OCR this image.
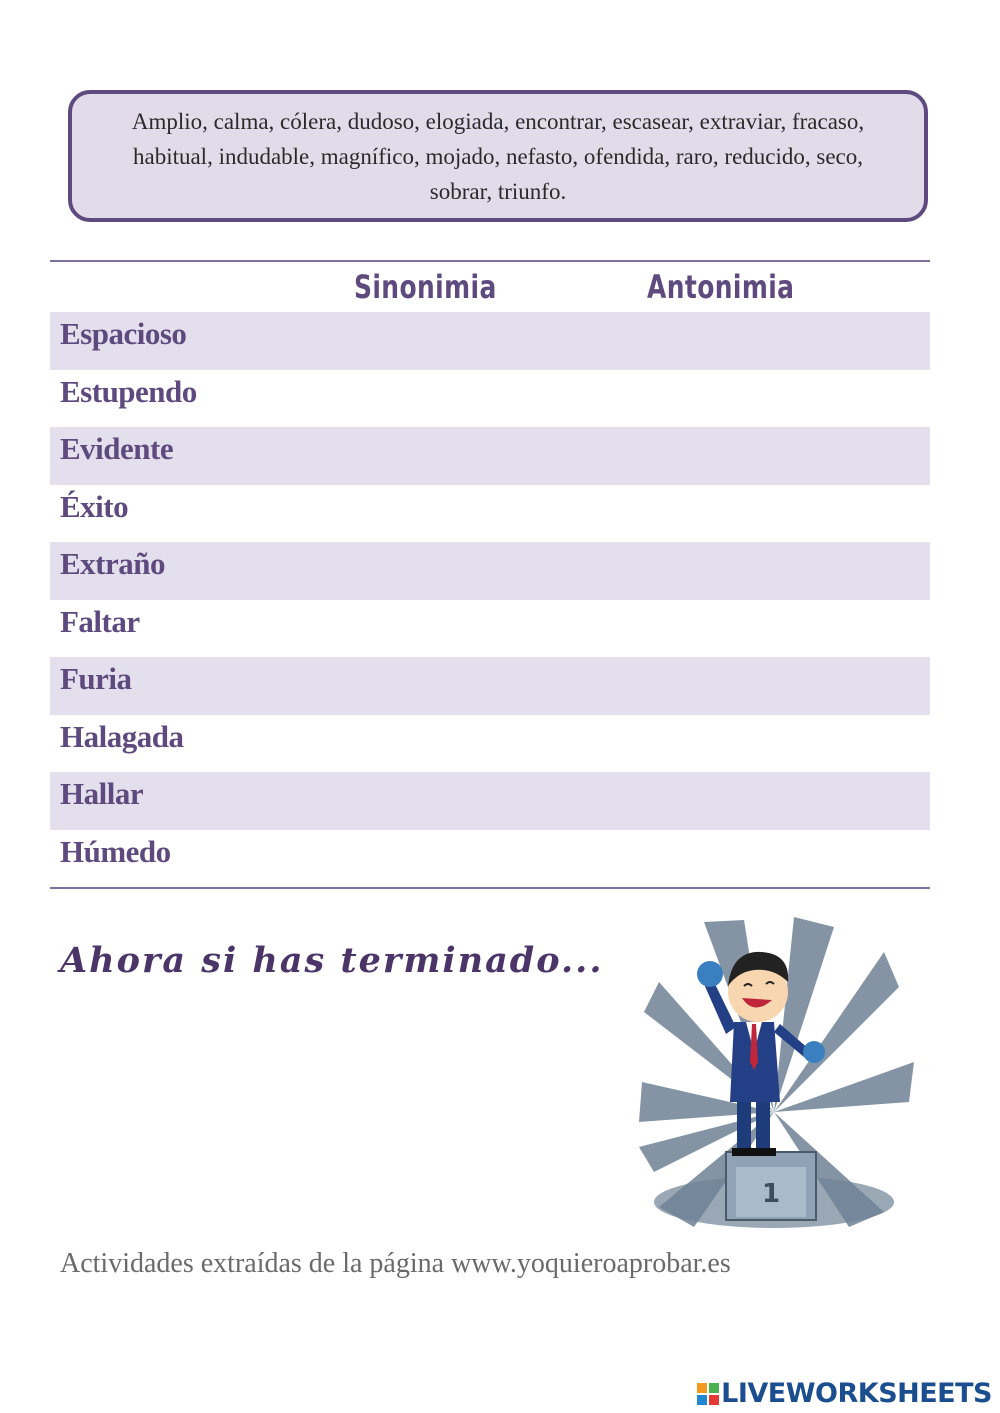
Amplio, calma, cólera, dudoso, elogiada, encontrar, escasear, extraviar, fracaso, habitual, indudable, magnífico, mojado, nefasto, ofendida, raro, reducido, seco, sobrar, triunfo.

Sinonimia	Antonimia
Espacioso
Estupendo
Evidente
Éxito
Extraño
Faltar
Furia
Halagada
Hallar
Húmedo
Ahora si has terminado...
1
Actividades extraídas de la página www.yoquieroaprobar.es
LIVEWORKSHEETS
